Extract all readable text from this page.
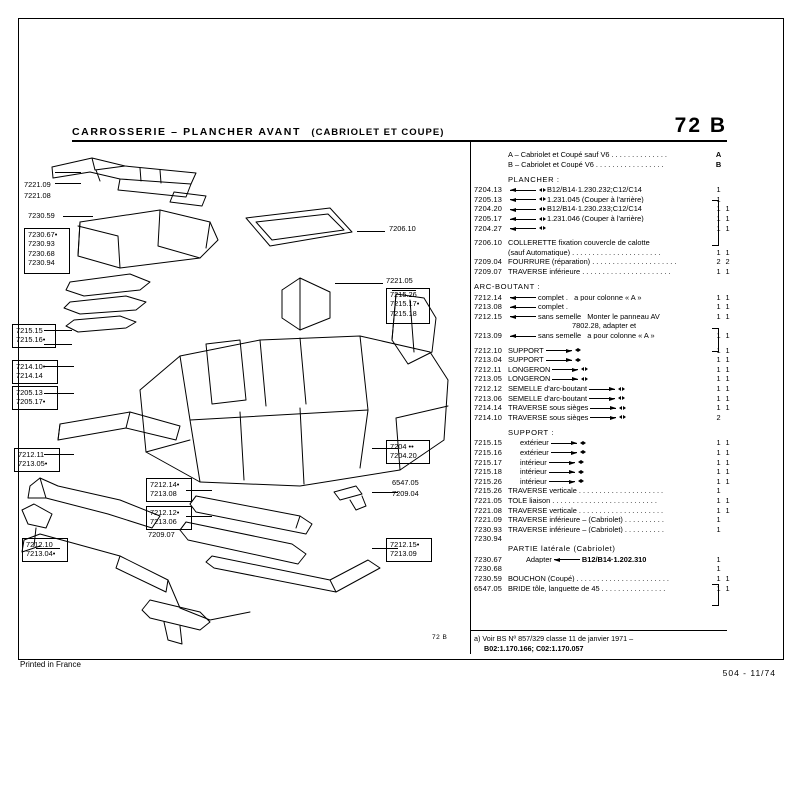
CARROSSERIE – PLANCHER AVANT (CABRIOLET ET COUPE)	72 B
7221.09
7221.08
7230.59
7230.67•
7230.93
7230.68
7230.94
7206.10
7221.05
7215.26
7215.17•
7215.18
7215.15
7215.16•
7214.10•
7214.14
7205.13
7205.17•
7212.11
7213.05•
7204 ••
7204.20
7212.14•
7213.08
6547.05
7209.04
7212.12•
7213.06
7209.07
7212.10
7213.04•
7212.15•
7213.09
A – Cabriolet et Coupé sauf V6 . . . . . . . . . . . . . .	A
B – Cabriolet et Coupé V6 . . . . . . . . . . . . . . . . .	B
PLANCHER :
7204.13	B12/B14·1.230.232;C12/C14	1
7205.13	1.231.045 (Couper à l'arrière)	1
7204.20	B12/B14·1.230.233;C12/C14	1 1
7205.17	1.231.046 (Couper à l'arrière)	1 1
7204.27	1 1
7206.10 COLLERETTE fixation couvercle de calotte
(sauf Automatique) . . . . . . . . . . . . . . . . . . . . . .	1 1
7209.04 FOURRURE (réparation) . . . . . . . . . . . . . . . . . . . . .	2 2
7209.07 TRAVERSE inférieure . . . . . . . . . . . . . . . . . . . . . .	1 1
ARC-BOUTANT :
7212.14	complet . a pour colonne « A »	1 1
7213.08	complet .	1 1
7212.15	sans semelle Monter le panneau AV	1 1
7802.28, adapter et
7213.09	sans semelle a pour colonne « A »	1 1
7212.10 SUPPORT	1 1
7213.04 SUPPORT	1 1
7212.11 LONGERON	1 1
7213.05 LONGERON	1 1
7212.12 SEMELLE d'arc-boutant	1 1
7213.06 SEMELLE d'arc-boutant	1 1
7214.14 TRAVERSE sous sièges	1 1
7214.10 TRAVERSE sous sièges	2
SUPPORT :
7215.15	extérieur	1 1
7215.16	extérieur	1 1
7215.17	intérieur	1 1
7215.18	intérieur	1 1
7215.26	intérieur	1 1
7215.26 TRAVERSE verticale . . . . . . . . . . . . . . . . . . . . .	1
7221.05 TOLE liaison . . . . . . . . . . . . . . . . . . . . . . . . . .	1 1
7221.08 TRAVERSE verticale . . . . . . . . . . . . . . . . . . . . .	1 1
7221.09 TRAVERSE inférieure – (Cabriolet) . . . . . . . . . .	1
7230.93 TRAVERSE inférieure – (Cabriolet) . . . . . . . . . .	1
7230.94
PARTIE latérale (Cabriolet)
7230.67	Adapter	B12/B14·1.202.310	1
7230.68	1
7230.59 BOUCHON (Coupé) . . . . . . . . . . . . . . . . . . . . . . .	1 1
6547.05 BRIDE tôle, languette de 45 . . . . . . . . . . . . . . . .	1 1
a) Voir BS Nº 857/329 classe 11 de janvier 1971 –
B02:1.170.166; C02:1.170.057
72 B
Printed in France
504 - 11/74
